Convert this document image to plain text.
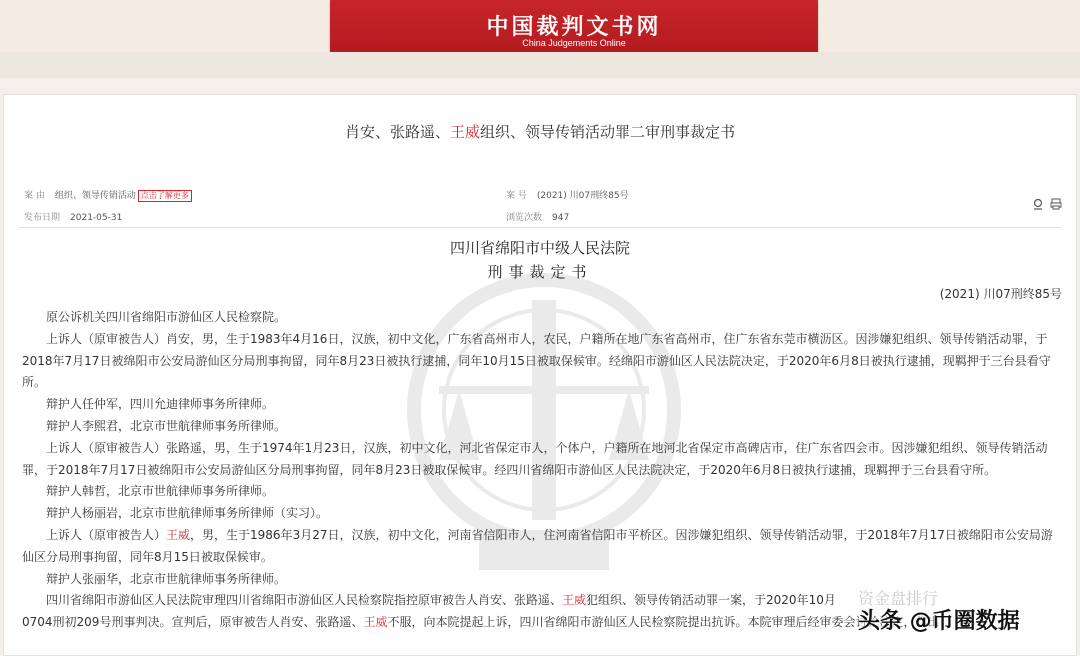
中国裁判文书网
China Judgements Online
肖安、张路遥、王威组织、领导传销活动罪二审刑事裁定书
案 由 组织、领导传销活动 点击了解更多
发布日期 2021-05-31
案 号 (2021) 川07刑终85号
浏览次数 947
四川省绵阳市中级人民法院
刑事裁定书
(2021) 川07刑终85号

原公诉机关四川省绵阳市游仙区人民检察院。

上诉人（原审被告人）肖安，男，生于1983年4月16日，汉族，初中文化，广东省高州市人，农民，户籍所在地广东省高州市，住广东省东莞市横沥区。因涉嫌犯组织、领导传销活动罪，于2018年7月17日被绵阳市公安局游仙区分局刑事拘留，同年8月23日被执行逮捕，同年10月15日被取保候审。经绵阳市游仙区人民法院决定，于2020年6月8日被执行逮捕，现羁押于三台县看守所。

辩护人任仲军，四川允迪律师事务所律师。

辩护人李熙君，北京市世航律师事务所律师。

上诉人（原审被告人）张路遥，男，生于1974年1月23日，汉族，初中文化，河北省保定市人，个体户，户籍所在地河北省保定市高碑店市，住广东省四会市。因涉嫌犯组织、领导传销活动罪，于2018年7月17日被绵阳市公安局游仙区分局刑事拘留，同年8月23日被取保候审。经四川省绵阳市游仙区人民法院决定，于2020年6月8日被执行逮捕，现羁押于三台县看守所。

辩护人韩哲，北京市世航律师事务所律师。

辩护人杨丽岩，北京市世航律师事务所律师（实习）。

上诉人（原审被告人）王威，男，生于1986年3月27日，汉族，初中文化，河南省信阳市人，住河南省信阳市平桥区。因涉嫌犯组织、领导传销活动罪，于2018年7月17日被绵阳市公安局游仙区分局刑事拘留，同年8月15日被取保候审。

辩护人张丽华，北京市世航律师事务所律师。

四川省绵阳市游仙区人民法院审理四川省绵阳市游仙区人民检察院指控原审被告人肖安、张路遥、王威犯组织、领导传销活动罪一案，于2020年10月

0704刑初209号刑事判决。宣判后，原审被告人肖安、张路遥、王威不服，向本院提起上诉，四川省绵阳市游仙区人民检察院提出抗诉。本院审理后经审委会讨论决定，作出

资金盘排行
头条 @币圈数据
